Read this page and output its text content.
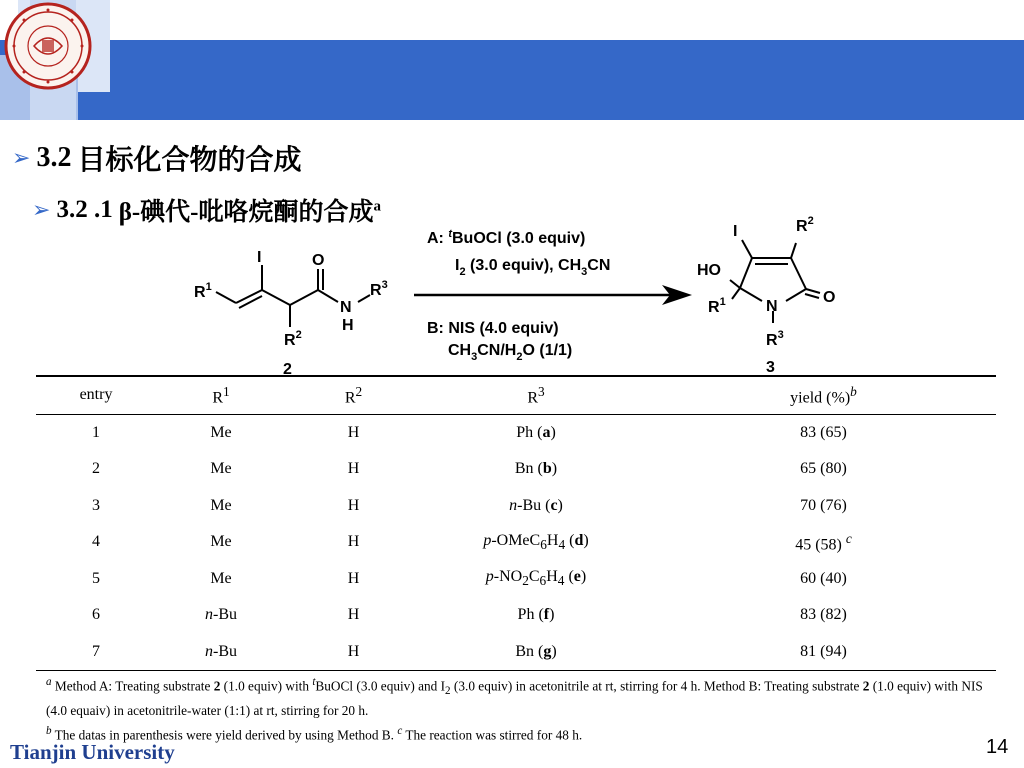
➢ 3.2 目标化合物的合成
➢ 3.2 .1 β-碘代-吡咯烷酮的合成$^a$
$R^1$
I	O
N
H
$R^3$
$R^2$
2
A: $^t$BuOCl (3.0 equiv)
$I_2$ (3.0 equiv), $CH_3CN$
B: NIS (4.0 equiv)
$CH_3CN/H_2O$ (1/1)
I	$R^2$
HO
O
N
$R^1$
$R^3$
3
entry	$R^1$	$R^2$	$R^3$	yield (%)$^b$
1	Me	H	Ph (a)	83 (65)
2	Me	H	Bn (b)	65 (80)
3	Me	H	n-Bu (c)	70 (76)
4	Me	H	$p-OMeC_6H_4$ (d)	45 (58) $^c$
5	Me	H	$p-NO_2C_6H_4$ (e)	60 (40)
6	n-Bu	H	Ph (f)	83 (82)
7	n-Bu	H	Bn (g)	81 (94)
$^a$ Method A: Treating substrate 2 (1.0 equiv) with $^t$BuOCl (3.0 equiv) and $I_2$ (3.0 equiv) in acetonitrile at rt, stirring for 4 h. Method B: Treating substrate 2 (1.0 equiv) with NIS (4.0 equaiv) in acetonitrile-water (1:1) at rt, stirring for 20 h.
$^b$ The datas in parenthesis were yield derived by using Method B. $^c$ The reaction was stirred for 48 h.
Tianjin University	14
